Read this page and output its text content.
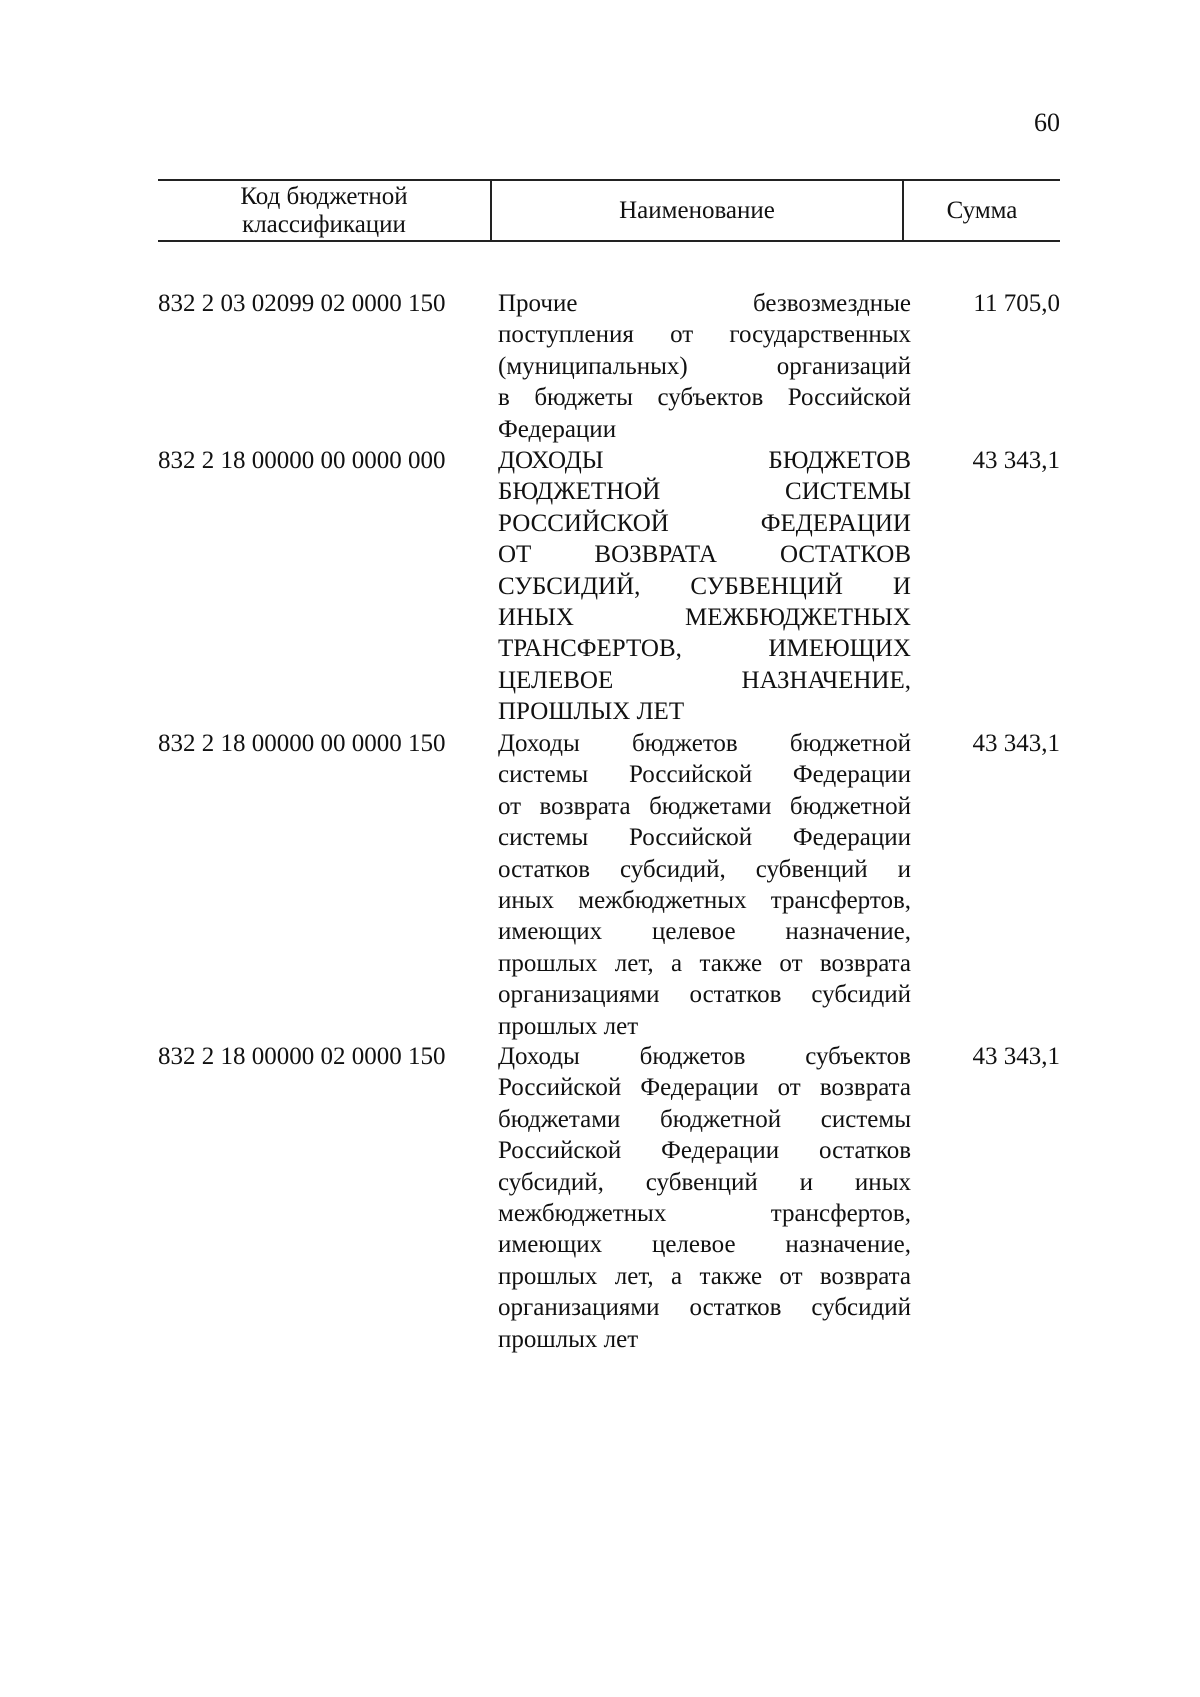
60
Код бюджетной классификации
Наименование	Сумма
832 2 03 02099 02 0000 150 Прочие безвозмездные
поступления от государственных
(муниципальных) организаций
в бюджеты субъектов Российской
Федерации
11 705,0
832 2 18 00000 00 0000 000 ДОХОДЫ БЮДЖЕТОВ
БЮДЖЕТНОЙ СИСТЕМЫ
РОССИЙСКОЙ ФЕДЕРАЦИИ
ОТ ВОЗВРАТА ОСТАТКОВ
СУБСИДИЙ, СУБВЕНЦИЙ И
ИНЫХ МЕЖБЮДЖЕТНЫХ
ТРАНСФЕРТОВ, ИМЕЮЩИХ
ЦЕЛЕВОЕ НАЗНАЧЕНИЕ,
ПРОШЛЫХ ЛЕТ
43 343,1
832 2 18 00000 00 0000 150 Доходы бюджетов бюджетной
системы Российской Федерации
от возврата бюджетами бюджетной
системы Российской Федерации
остатков субсидий, субвенций и
иных межбюджетных трансфертов,
имеющих целевое назначение,
прошлых лет, а также от возврата
организациями остатков субсидий
прошлых лет
43 343,1
832 2 18 00000 02 0000 150 Доходы бюджетов субъектов
Российской Федерации от возврата
бюджетами бюджетной системы
Российской Федерации остатков
субсидий, субвенций и иных
межбюджетных трансфертов,
имеющих целевое назначение,
прошлых лет, а также от возврата
организациями остатков субсидий
прошлых лет
43 343,1
